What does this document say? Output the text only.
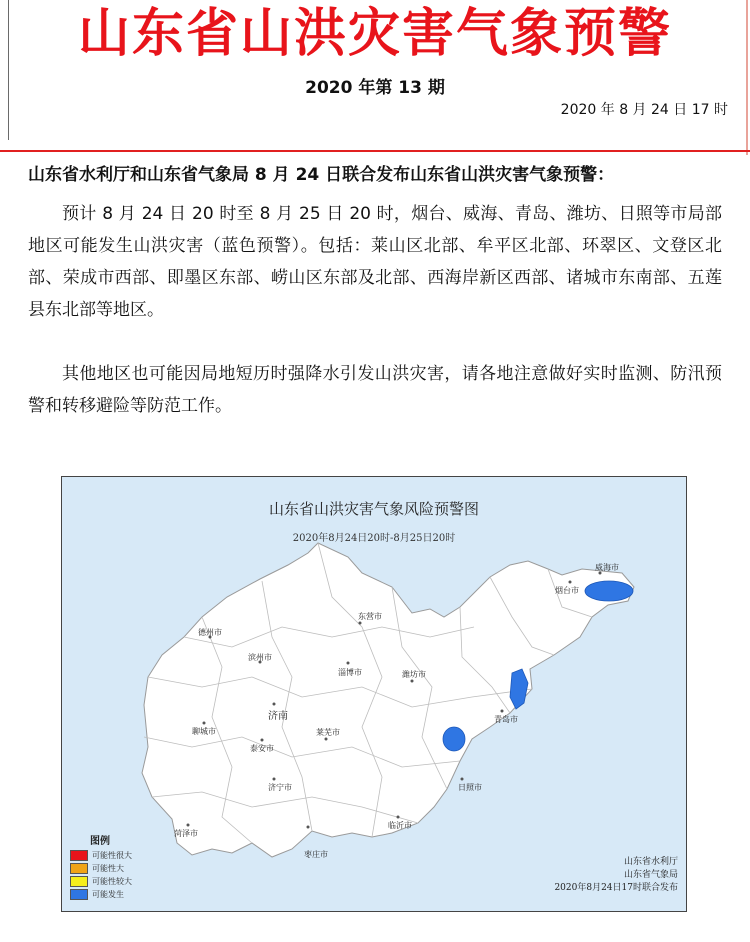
山东省山洪灾害气象预警
2020 年第 13 期
2020 年 8 月 24 日 17 时
山东省水利厅和山东省气象局 8 月 24 日联合发布山东省山洪灾害气象预警：
预计 8 月 24 日 20 时至 8 月 25 日 20 时，烟台、威海、青岛、潍坊、日照等市局部地区可能发生山洪灾害（蓝色预警）。包括：莱山区北部、牟平区北部、环翠区、文登区北部、荣成市西部、即墨区东部、崂山区东部及北部、西海岸新区西部、诸城市东南部、五莲县东北部等地区。
其他地区也可能因局地短历时强降水引发山洪灾害，请各地注意做好实时监测、防汛预警和转移避险等防范工作。
山东省山洪灾害气象风险预警图
2020年8月24日20时-8月25日20时
德州市
滨州市
东营市
淄博市	潍坊市
烟台市
威海市
济南
聊城市
泰安市
莱芜市
青岛市
日照市
临沂市
济宁市
菏泽市
枣庄市
图例
可能性很大
可能性大
可能性较大
可能发生
山东省水利厅
山东省气象局
2020年8月24日17时联合发布
